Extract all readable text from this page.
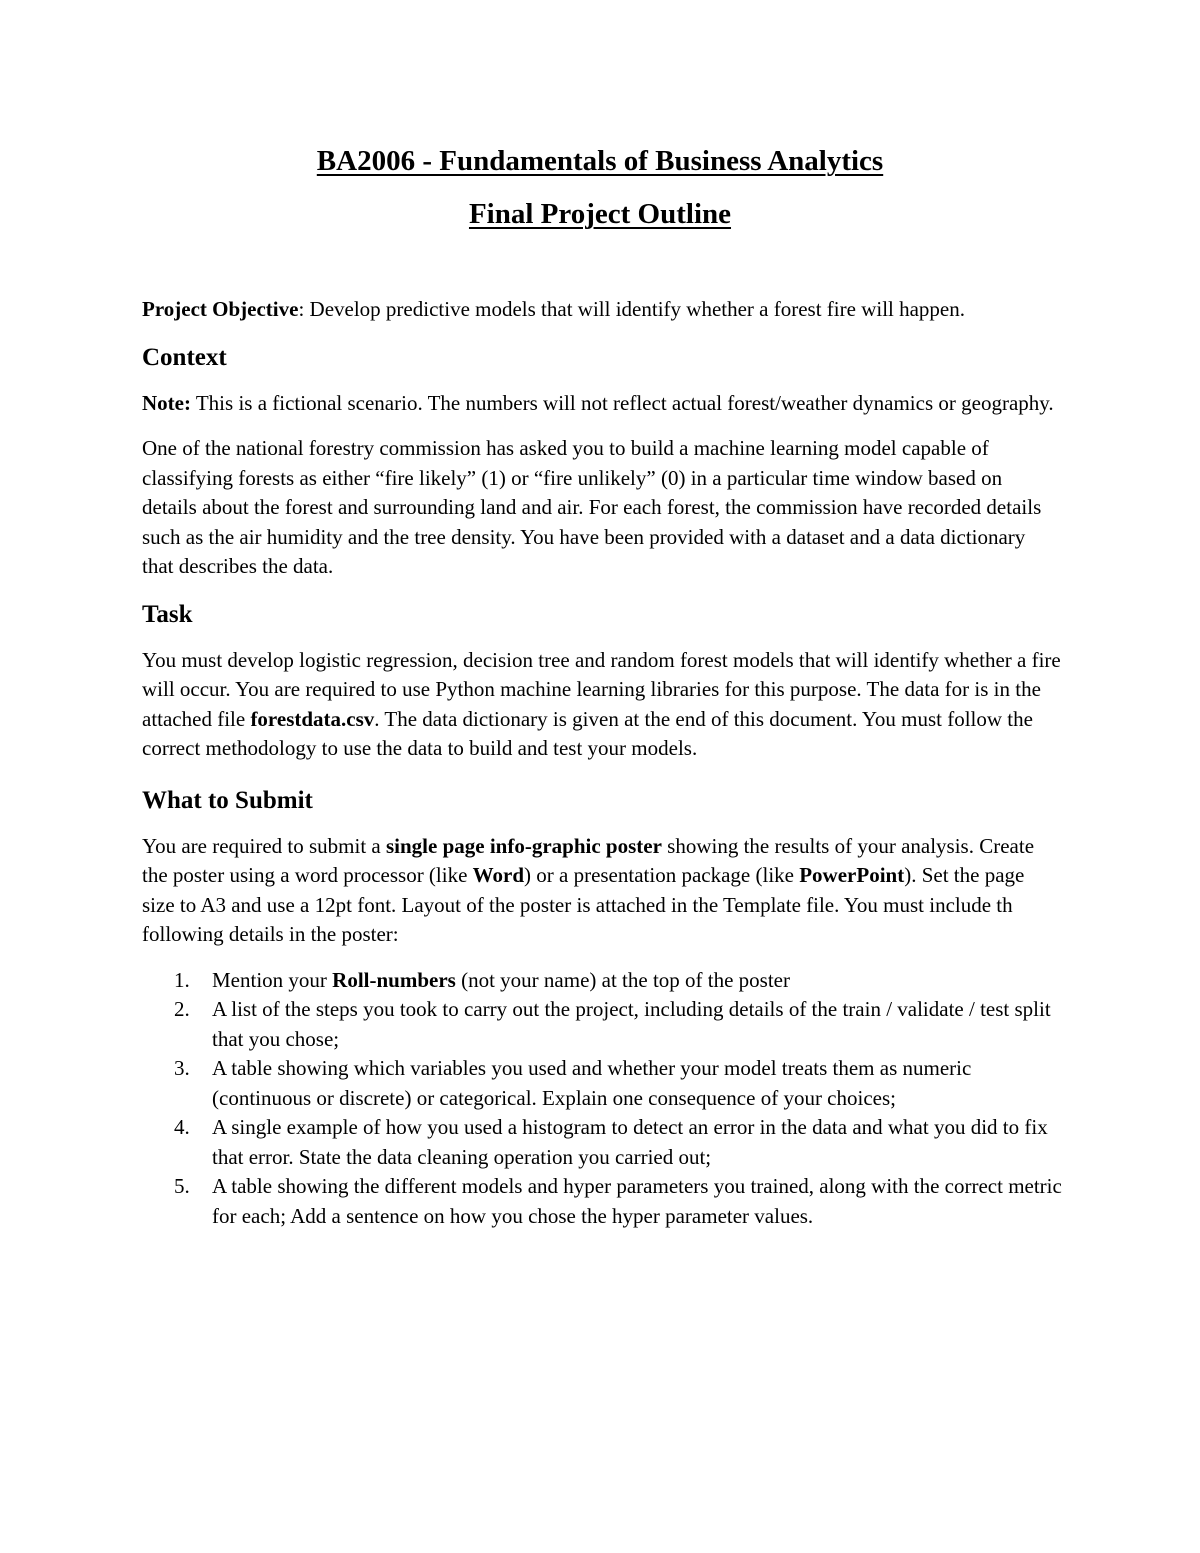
BA2006 - Fundamentals of Business Analytics
Final Project Outline

Project Objective: Develop predictive models that will identify whether a forest fire will happen.

Context

Note: This is a fictional scenario. The numbers will not reflect actual forest/weather dynamics or geography.

One of the national forestry commission has asked you to build a machine learning model capable of classifying forests as either “fire likely” (1) or “fire unlikely” (0) in a particular time window based on details about the forest and surrounding land and air. For each forest, the commission have recorded details such as the air humidity and the tree density. You have been provided with a dataset and a data dictionary that describes the data.

Task

You must develop logistic regression, decision tree and random forest models that will identify whether a fire will occur. You are required to use Python machine learning libraries for this purpose. The data for is in the attached file forestdata.csv. The data dictionary is given at the end of this document. You must follow the correct methodology to use the data to build and test your models.

What to Submit

You are required to submit a single page info-graphic poster showing the results of your analysis. Create the poster using a word processor (like Word) or a presentation package (like PowerPoint). Set the page size to A3 and use a 12pt font. Layout of the poster is attached in the Template file. You must include th following details in the poster:

1.	Mention your Roll-numbers (not your name) at the top of the poster
2.	A list of the steps you took to carry out the project, including details of the train / validate / test split that you chose;
3.	A table showing which variables you used and whether your model treats them as numeric (continuous or discrete) or categorical. Explain one consequence of your choices;
4.	A single example of how you used a histogram to detect an error in the data and what you did to fix that error. State the data cleaning operation you carried out;
5.	A table showing the different models and hyper parameters you trained, along with the correct metric for each; Add a sentence on how you chose the hyper parameter values.
